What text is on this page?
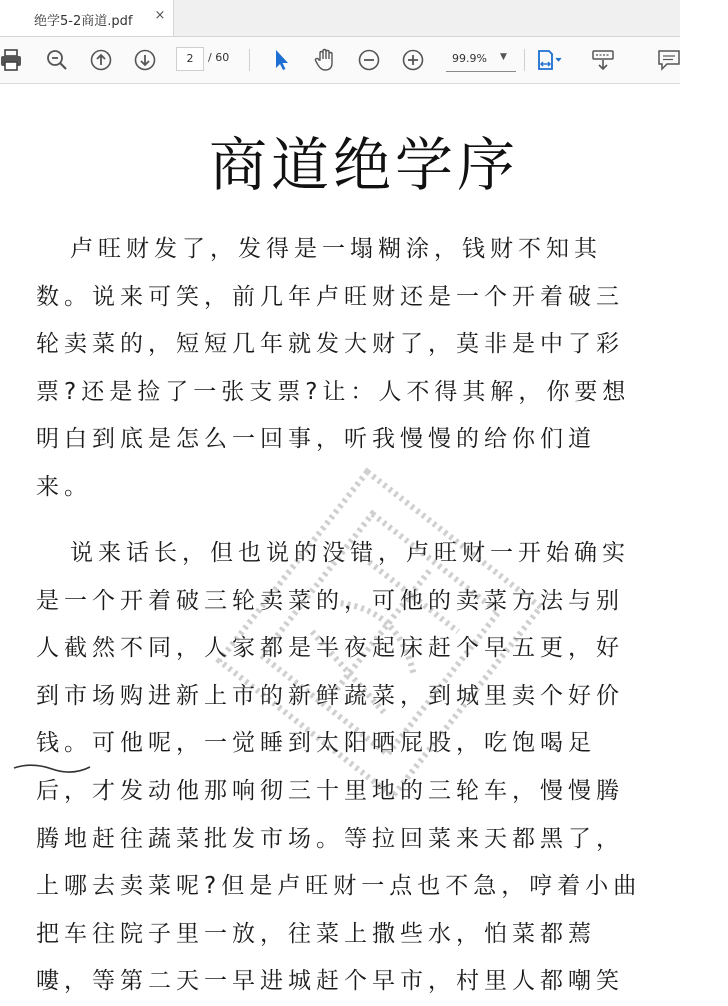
绝学5-2商道.pdf ×
2	/ 60	99.9% ▼
商道绝学序
卢旺财发了，发得是一塌糊涂，钱财不知其
数。说来可笑，前几年卢旺财还是一个开着破三
轮卖菜的，短短几年就发大财了，莫非是中了彩
票?还是捡了一张支票?让：人不得其解，你要想
明白到底是怎么一回事，听我慢慢的给你们道
来。
说来话长，但也说的没错，卢旺财一开始确实
是一个开着破三轮卖菜的，可他的卖菜方法与别
人截然不同，人家都是半夜起床赶个早五更，好
到市场购进新上市的新鲜蔬菜，到城里卖个好价
钱。可他呢，一觉睡到太阳晒屁股，吃饱喝足
后，才发动他那响彻三十里地的三轮车，慢慢腾
腾地赶往蔬菜批发市场。等拉回菜来天都黑了，
上哪去卖菜呢?但是卢旺财一点也不急，哼着小曲
把车往院子里一放，往菜上撒些水，怕菜都蔫
嘍，等第二天一早进城赶个早市，村里人都嘲笑
